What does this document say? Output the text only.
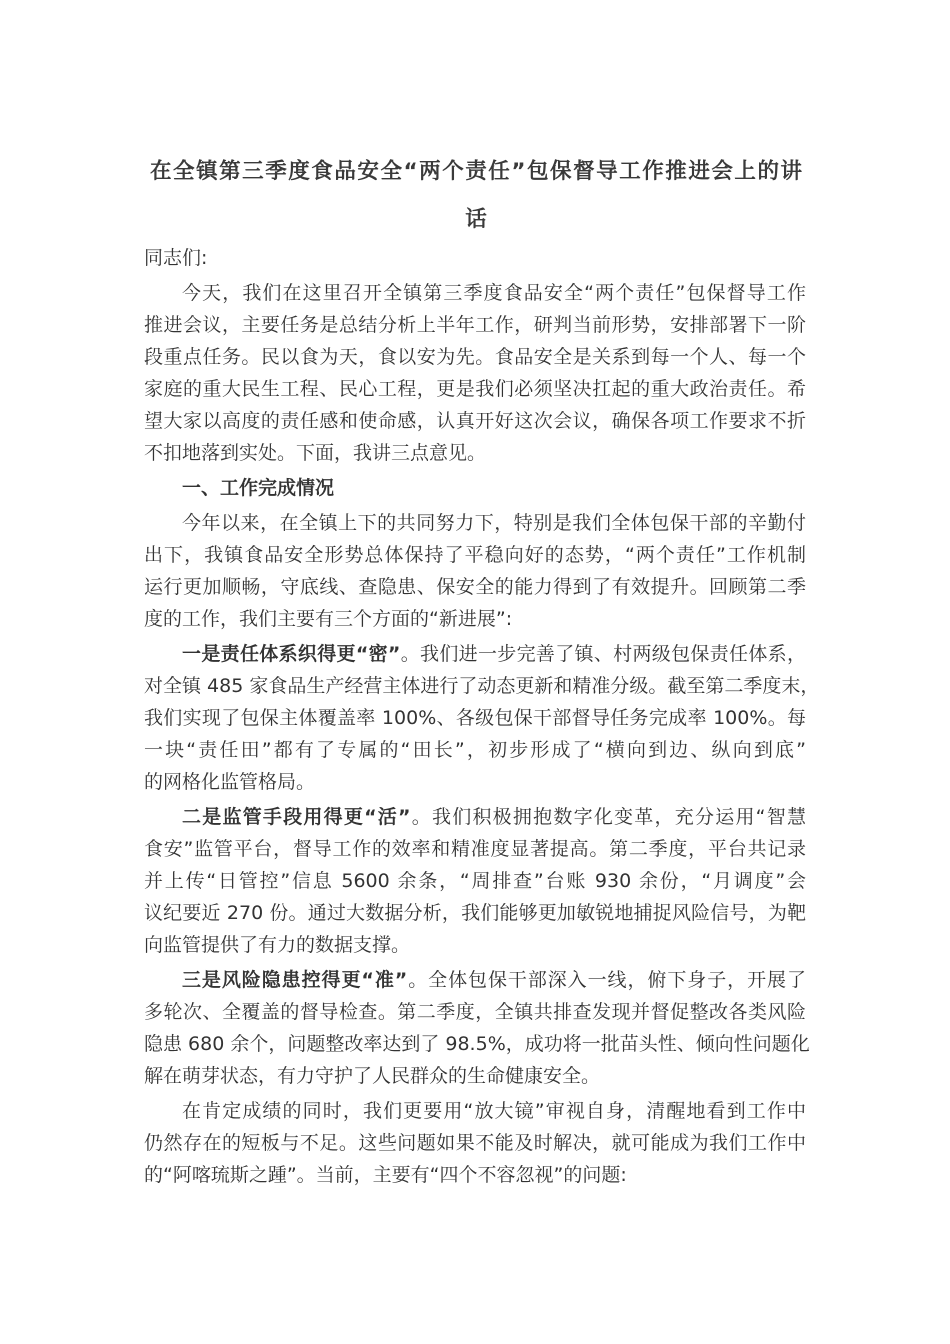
在全镇第三季度食品安全“两个责任”包保督导工作推进会上的讲
话
同志们:
今天，我们在这里召开全镇第三季度食品安全“两个责任”包保督导工作
推进会议，主要任务是总结分析上半年工作，研判当前形势，安排部署下一阶
段重点任务。民以食为天，食以安为先。食品安全是关系到每一个人、每一个
家庭的重大民生工程、民心工程，更是我们必须坚决扛起的重大政治责任。希
望大家以高度的责任感和使命感，认真开好这次会议，确保各项工作要求不折
不扣地落到实处。下面，我讲三点意见。
一、工作完成情况
今年以来，在全镇上下的共同努力下，特别是我们全体包保干部的辛勤付
出下，我镇食品安全形势总体保持了平稳向好的态势，“两个责任”工作机制
运行更加顺畅，守底线、查隐患、保安全的能力得到了有效提升。回顾第二季
度的工作，我们主要有三个方面的“新进展”:
一是责任体系织得更“密”。我们进一步完善了镇、村两级包保责任体系，
对全镇 485 家食品生产经营主体进行了动态更新和精准分级。截至第二季度末，
我们实现了包保主体覆盖率 100%、各级包保干部督导任务完成率 100%。每
一块“责任田”都有了专属的“田长”，初步形成了“横向到边、纵向到底”
的网格化监管格局。
二是监管手段用得更“活”。我们积极拥抱数字化变革，充分运用“智慧
食安”监管平台，督导工作的效率和精准度显著提高。第二季度，平台共记录
并上传“日管控”信息 5600 余条，“周排查”台账 930 余份，“月调度”会
议纪要近 270 份。通过大数据分析，我们能够更加敏锐地捕捉风险信号，为靶
向监管提供了有力的数据支撑。
三是风险隐患控得更“准”。全体包保干部深入一线，俯下身子，开展了
多轮次、全覆盖的督导检查。第二季度，全镇共排查发现并督促整改各类风险
隐患 680 余个，问题整改率达到了 98.5%，成功将一批苗头性、倾向性问题化
解在萌芽状态，有力守护了人民群众的生命健康安全。
在肯定成绩的同时，我们更要用“放大镜”审视自身，清醒地看到工作中
仍然存在的短板与不足。这些问题如果不能及时解决，就可能成为我们工作中
的“阿喀琉斯之踵”。当前，主要有“四个不容忽视”的问题:
